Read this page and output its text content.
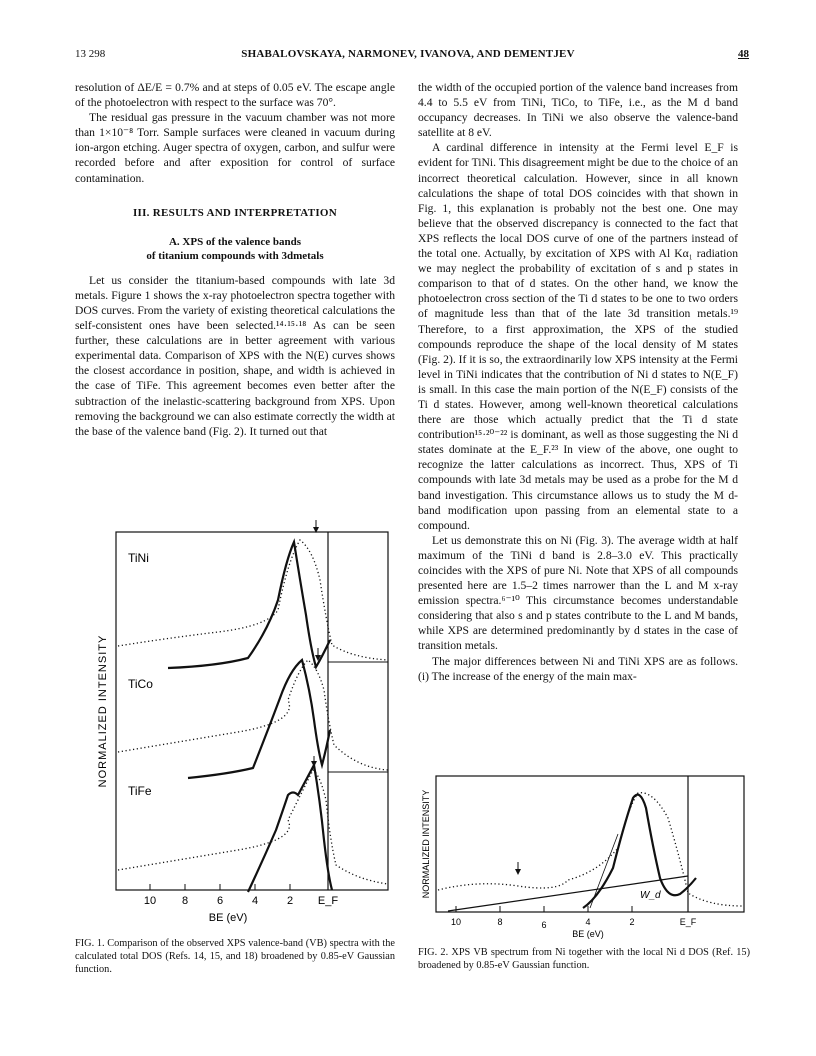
13 298	SHABALOVSKAYA, NARMONEV, IVANOVA, AND DEMENTJEV	48

resolution of ΔE/E = 0.7% and at steps of 0.05 eV. The escape angle of the photoelectron with respect to the surface was 70°.

The residual gas pressure in the vacuum chamber was not more than 1×10⁻⁸ Torr. Sample surfaces were cleaned in vacuum during ion-argon etching. Auger spectra of oxygen, carbon, and sulfur were recorded before and after exposition for control of surface contamination.

III. RESULTS AND INTERPRETATION
A. XPS of the valence bands
of titanium compounds with 3dmetals

Let us consider the titanium-based compounds with late 3d metals. Figure 1 shows the x-ray photoelectron spectra together with DOS curves. From the variety of existing theoretical calculations the self-consistent ones have been selected.¹⁴·¹⁵·¹⁸ As can be seen further, these calculations are in better agreement with various experimental data. Comparison of XPS with the N(E) curves shows the closest accordance in position, shape, and width is achieved in the case of TiFe. This agreement becomes even better after the subtraction of the inelastic-scattering background from XPS. Upon removing the background we can also estimate correctly the width at the base of the valence band (Fig. 2). It turned out that

the width of the occupied portion of the valence band increases from 4.4 to 5.5 eV from TiNi, TiCo, to TiFe, i.e., as the M d band occupancy decreases. In TiNi we also observe the valence-band satellite at 8 eV.

A cardinal difference in intensity at the Fermi level E_F is evident for TiNi. This disagreement might be due to the choice of an incorrect theoretical calculation. However, since in all known calculations the shape of total DOS coincides with that shown in Fig. 1, this explanation is probably not the best one. One may believe that the observed discrepancy is connected to the fact that XPS reflects the local DOS curve of one of the partners instead of the total one. Actually, by excitation of XPS with Al Kα₁ radiation we may neglect the probability of excitation of s and p states in comparison to that of d states. On the other hand, we know the photoelectron cross section of the Ti d states to be one to two orders of magnitude less than that of the late 3d transition metals.¹⁹ Therefore, to a first approximation, the XPS of the studied compounds reproduce the shape of the local density of M states (Fig. 2). If it is so, the extraordinarily low XPS intensity at the Fermi level in TiNi indicates that the contribution of Ni d states to N(E_F) is small. In this case the main portion of the N(E_F) consists of the Ti d states. However, among well-known theoretical calculations there are those which actually predict that the Ti d state contribution¹⁵·²⁰⁻²² is dominant, as well as those suggesting the Ni d states dominate at the E_F.²³ In view of the above, one ought to recognize the latter calculations as incorrect. Thus, XPS of Ti compounds with late 3d metals may be used as a probe for the M d band investigation. This circumstance allows us to study the M d-band modification upon passing from an elemental state to a compound.

Let us demonstrate this on Ni (Fig. 3). The average width at half maximum of the TiNi d band is 2.8–3.0 eV. This practically coincides with the XPS of pure Ni. Note that XPS of all compounds presented here are 1.5–2 times narrower than the L and M x-ray emission spectra.⁶⁻¹⁰ This circumstance becomes understandable considering that also s and p states contribute to the L and M bands, while XPS are determined predominantly by d states in the case of transition metals.

The major differences between Ni and TiNi XPS are as follows. (i) The increase of the energy of the main max-

NORMALIZED INTENSITY
TiNi
TiCo
TiFe
10 8	6	4	2 E_F
BE (eV)
FIG. 1. Comparison of the observed XPS valence-band (VB) spectra with the calculated total DOS (Refs. 14, 15, and 18) broadened by 0.85-eV Gaussian function.
NORMALIZED INTENSITY	W_d
10	8	6	4	2	E_F
BE (eV)
FIG. 2. XPS VB spectrum from Ni together with the local Ni d DOS (Ref. 15) broadened by 0.85-eV Gaussian function.
